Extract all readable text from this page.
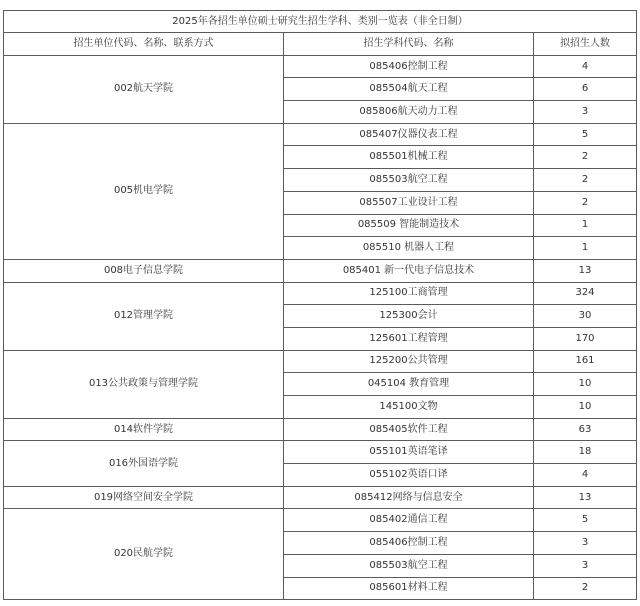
2025年各招生单位硕士研究生招生学科、类别一览表（非全日制）		
招生单位代码、名称、联系方式	招生学科代码、名称	拟招生人数
002航天学院	085406控制工程	4
	085504航天工程	6
	085806航天动力工程	3
005机电学院	085407仪器仪表工程	5
	085501机械工程	2
	085503航空工程	2
	085507工业设计工程	2
	085509 智能制造技术	1
	085510 机器人工程	1
008电子信息学院	085401 新一代电子信息技术	13
012管理学院	125100工商管理	324
	125300会计	30
	125601工程管理	170
013公共政策与管理学院	125200公共管理	161
	045104 教育管理	10
	145100文物	10
014软件学院	085405软件工程	63
016外国语学院	055101英语笔译	18
	055102英语口译	4
019网络空间安全学院	085412网络与信息安全	13
020民航学院	085402通信工程	5
	085406控制工程	3
	085503航空工程	3
	085601材料工程	2
